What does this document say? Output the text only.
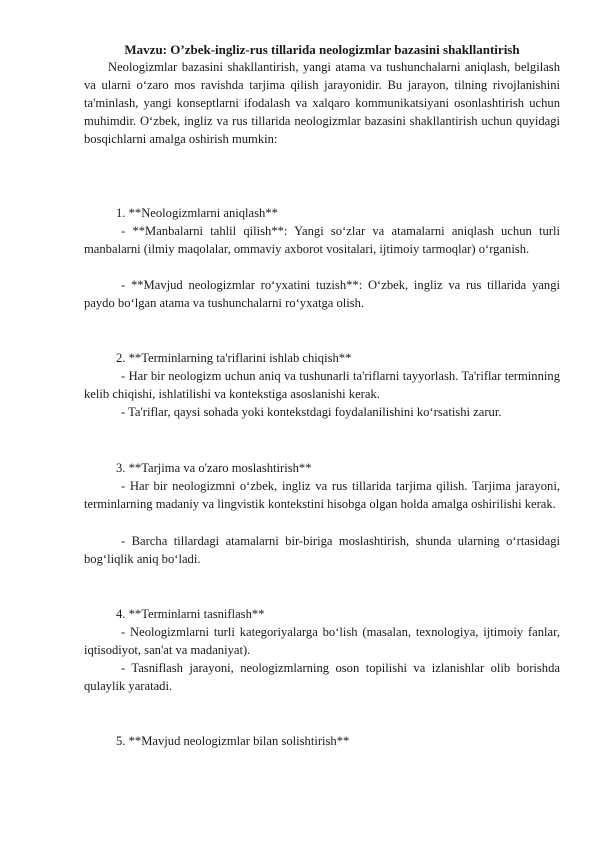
Mavzu: O’zbek-ingliz-rus tillarida neologizmlar bazasini shakllantirish
Neologizmlar bazasini shakllantirish, yangi atama va tushunchalarni aniqlash, belgilash va ularni o‘zaro mos ravishda tarjima qilish jarayonidir. Bu jarayon, tilning rivojlanishini ta'minlash, yangi konseptlarni ifodalash va xalqaro kommunikatsiyani osonlashtirish uchun muhimdir. O‘zbek, ingliz va rus tillarida neologizmlar bazasini shakllantirish uchun quyidagi bosqichlarni amalga oshirish mumkin:
1. **Neologizmlarni aniqlash**
- **Manbalarni tahlil qilish**: Yangi so‘zlar va atamalarni aniqlash uchun turli manbalarni (ilmiy maqolalar, ommaviy axborot vositalari, ijtimoiy tarmoqlar) o‘rganish.
- **Mavjud neologizmlar ro‘yxatini tuzish**: O‘zbek, ingliz va rus tillarida yangi paydo bo‘lgan atama va tushunchalarni ro‘yxatga olish.
2. **Terminlarning ta'riflarini ishlab chiqish**
- Har bir neologizm uchun aniq va tushunarli ta'riflarni tayyorlash. Ta'riflar terminning kelib chiqishi, ishlatilishi va kontekstiga asoslanishi kerak.
- Ta'riflar, qaysi sohada yoki kontekstdagi foydalanilishini ko‘rsatishi zarur.
3. **Tarjima va o'zaro moslashtirish**
- Har bir neologizmni o‘zbek, ingliz va rus tillarida tarjima qilish. Tarjima jarayoni, terminlarning madaniy va lingvistik kontekstini hisobga olgan holda amalga oshirilishi kerak.
- Barcha tillardagi atamalarni bir-biriga moslashtirish, shunda ularning o‘rtasidagi bog‘liqlik aniq bo‘ladi.
4. **Terminlarni tasniflash**
- Neologizmlarni turli kategoriyalarga bo‘lish (masalan, texnologiya, ijtimoiy fanlar, iqtisodiyot, san'at va madaniyat).
- Tasniflash jarayoni, neologizmlarning oson topilishi va izlanishlar olib borishda qulaylik yaratadi.
5. **Mavjud neologizmlar bilan solishtirish**
